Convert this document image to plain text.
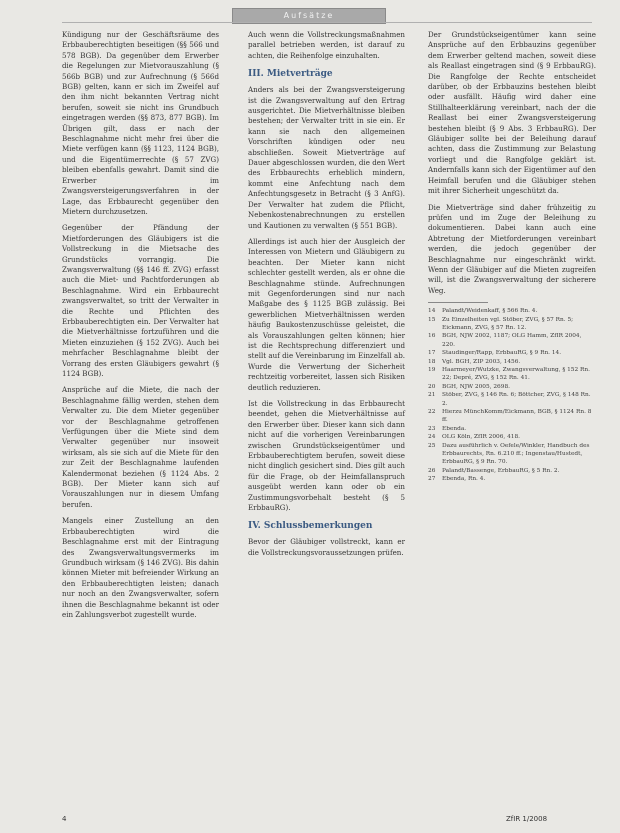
Aufsätze

Kündigung nur der Geschäftsräume des Erbbauberechtigten beseitigen (§§ 566 und 578 BGB). Da gegenüber dem Erwerber die Regelungen zur Mietvorauszahlung (§ 566b BGB) und zur Aufrechnung (§ 566d BGB) gelten, kann er sich im Zweifel auf den ihm nicht bekannten Vertrag nicht berufen, soweit sie nicht ins Grundbuch eingetragen werden (§§ 873, 877 BGB). Im Übrigen gilt, dass er nach der Beschlagnahme nicht mehr frei über die Miete verfügen kann (§§ 1123, 1124 BGB), und die Eigentümerrechte (§ 57 ZVG) bleiben ebenfalls gewahrt. Damit sind die Erwerber im Zwangsversteigerungsverfahren in der Lage, das Erbbaurecht gegenüber den Mietern durchzusetzen.

Gegenüber der Pfändung der Mietforderungen des Gläubigers ist die Vollstreckung in die Mietsache des Grundstücks vorrangig. Die Zwangsverwaltung (§§ 146 ff. ZVG) erfasst auch die Miet- und Pachtforderungen ab Beschlagnahme. Wird ein Erbbaurecht zwangsverwaltet, so tritt der Verwalter in die Rechte und Pflichten des Erbbauberechtigten ein. Der Verwalter hat die Mietverhältnisse fortzuführen und die Mieten einzuziehen (§ 152 ZVG). Auch bei mehrfacher Beschlagnahme bleibt der Vorrang des ersten Gläubigers gewahrt (§ 1124 BGB).

Ansprüche auf die Miete, die nach der Beschlagnahme fällig werden, stehen dem Verwalter zu. Die dem Mieter gegenüber vor der Beschlagnahme getroffenen Verfügungen über die Miete sind dem Verwalter gegenüber nur insoweit wirksam, als sie sich auf die Miete für den zur Zeit der Beschlagnahme laufenden Kalendermonat beziehen (§ 1124 Abs. 2 BGB). Der Mieter kann sich auf Vorauszahlungen nur in diesem Umfang berufen.

Mangels einer Zustellung an den Erbbauberechtigten wird die Beschlagnahme erst mit der Eintragung des Zwangsverwaltungsvermerks im Grundbuch wirksam (§ 146 ZVG). Bis dahin können Mieter mit befreiender Wirkung an den Erbbauberechtigten leisten; danach nur noch an den Zwangsverwalter, sofern ihnen die Beschlagnahme bekannt ist oder ein Zahlungsverbot zugestellt wurde.

Auch wenn die Vollstreckungsmaßnahmen parallel betrieben werden, ist darauf zu achten, die Reihenfolge einzuhalten.

III. Mietverträge

Anders als bei der Zwangsversteigerung ist die Zwangsverwaltung auf den Ertrag ausgerichtet. Die Mietverhältnisse bleiben bestehen; der Verwalter tritt in sie ein. Er kann sie nach den allgemeinen Vorschriften kündigen oder neu abschließen. Soweit Mietverträge auf Dauer abgeschlossen wurden, die den Wert des Erbbaurechts erheblich mindern, kommt eine Anfechtung nach dem Anfechtungsgesetz in Betracht (§ 3 AnfG). Der Verwalter hat zudem die Pflicht, Nebenkostenabrechnungen zu erstellen und Kautionen zu verwalten (§ 551 BGB).

Allerdings ist auch hier der Ausgleich der Interessen von Mietern und Gläubigern zu beachten. Der Mieter kann nicht schlechter gestellt werden, als er ohne die Beschlagnahme stünde. Aufrechnungen mit Gegenforderungen sind nur nach Maßgabe des § 1125 BGB zulässig. Bei gewerblichen Mietverhältnissen werden häufig Baukostenzuschüsse geleistet, die als Vorauszahlungen gelten können; hier ist die Rechtsprechung differenziert und stellt auf die Vereinbarung im Einzelfall ab. Wurde die Verwertung der Sicherheit rechtzeitig vorbereitet, lassen sich Risiken deutlich reduzieren.

Ist die Vollstreckung in das Erbbaurecht beendet, gehen die Mietverhältnisse auf den Erwerber über. Dieser kann sich dann nicht auf die vorherigen Vereinbarungen zwischen Grundstückseigentümer und Erbbauberechtigtem berufen, soweit diese nicht dinglich gesichert sind. Dies gilt auch für die Frage, ob der Heimfallanspruch ausgeübt werden kann oder ob ein Zustimmungsvorbehalt besteht (§ 5 ErbbauRG).

IV. Schlussbemerkungen

Bevor der Gläubiger vollstreckt, kann er die Vollstreckungsvoraussetzungen prüfen.

Der Grundstückseigentümer kann seine Ansprüche auf den Erbbauzins gegenüber dem Erwerber geltend machen, soweit diese als Reallast eingetragen sind (§ 9 ErbbauRG). Die Rangfolge der Rechte entscheidet darüber, ob der Erbbauzins bestehen bleibt oder ausfällt. Häufig wird daher eine Stillhalteerklärung vereinbart, nach der die Reallast bei einer Zwangsversteigerung bestehen bleibt (§ 9 Abs. 3 ErbbauRG). Der Gläubiger sollte bei der Beleihung darauf achten, dass die Zustimmung zur Belastung vorliegt und die Rangfolge geklärt ist. Andernfalls kann sich der Eigentümer auf den Heimfall berufen und die Gläubiger stehen mit ihrer Sicherheit ungeschützt da.

Die Mietverträge sind daher frühzeitig zu prüfen und im Zuge der Beleihung zu dokumentieren. Dabei kann auch eine Abtretung der Mietforderungen vereinbart werden, die jedoch gegenüber der Beschlagnahme nur eingeschränkt wirkt. Wenn der Gläubiger auf die Mieten zugreifen will, ist die Zwangsverwaltung der sicherere Weg.

14	Palandt/Weidenkaff, § 566 Rn. 4.
15	Zu Einzelheiten vgl. Stöber, ZVG, § 57 Rn. 5; Eickmann, ZVG, § 57 Rn. 12.
16	BGH, NJW 2002, 1187; OLG Hamm, ZfIR 2004, 220.
17	Staudinger/Rapp, ErbbauRG, § 9 Rn. 14.
18	Vgl. BGH, ZIP 2003, 1456.
19	Haarmeyer/Wutzke, Zwangsverwaltung, § 152 Rn. 22; Depré, ZVG, § 152 Rn. 41.
20	BGH, NJW 2005, 2698.
21	Stöber, ZVG, § 146 Rn. 6; Böttcher, ZVG, § 148 Rn. 2.
22	Hierzu MünchKomm/Eickmann, BGB, § 1124 Rn. 8 ff.
23	Ebenda.
24	OLG Köln, ZfIR 2006, 418.
25	Dazu ausführlich v. Oefele/Winkler, Handbuch des Erbbaurechts, Rn. 6.210 ff.; Ingenstau/Hustedt, ErbbauRG, § 9 Rn. 70.
26	Palandt/Bassenge, ErbbauRG, § 5 Rn. 2.
27	Ebenda, Rn. 4.
4	ZfIR 1/2008
